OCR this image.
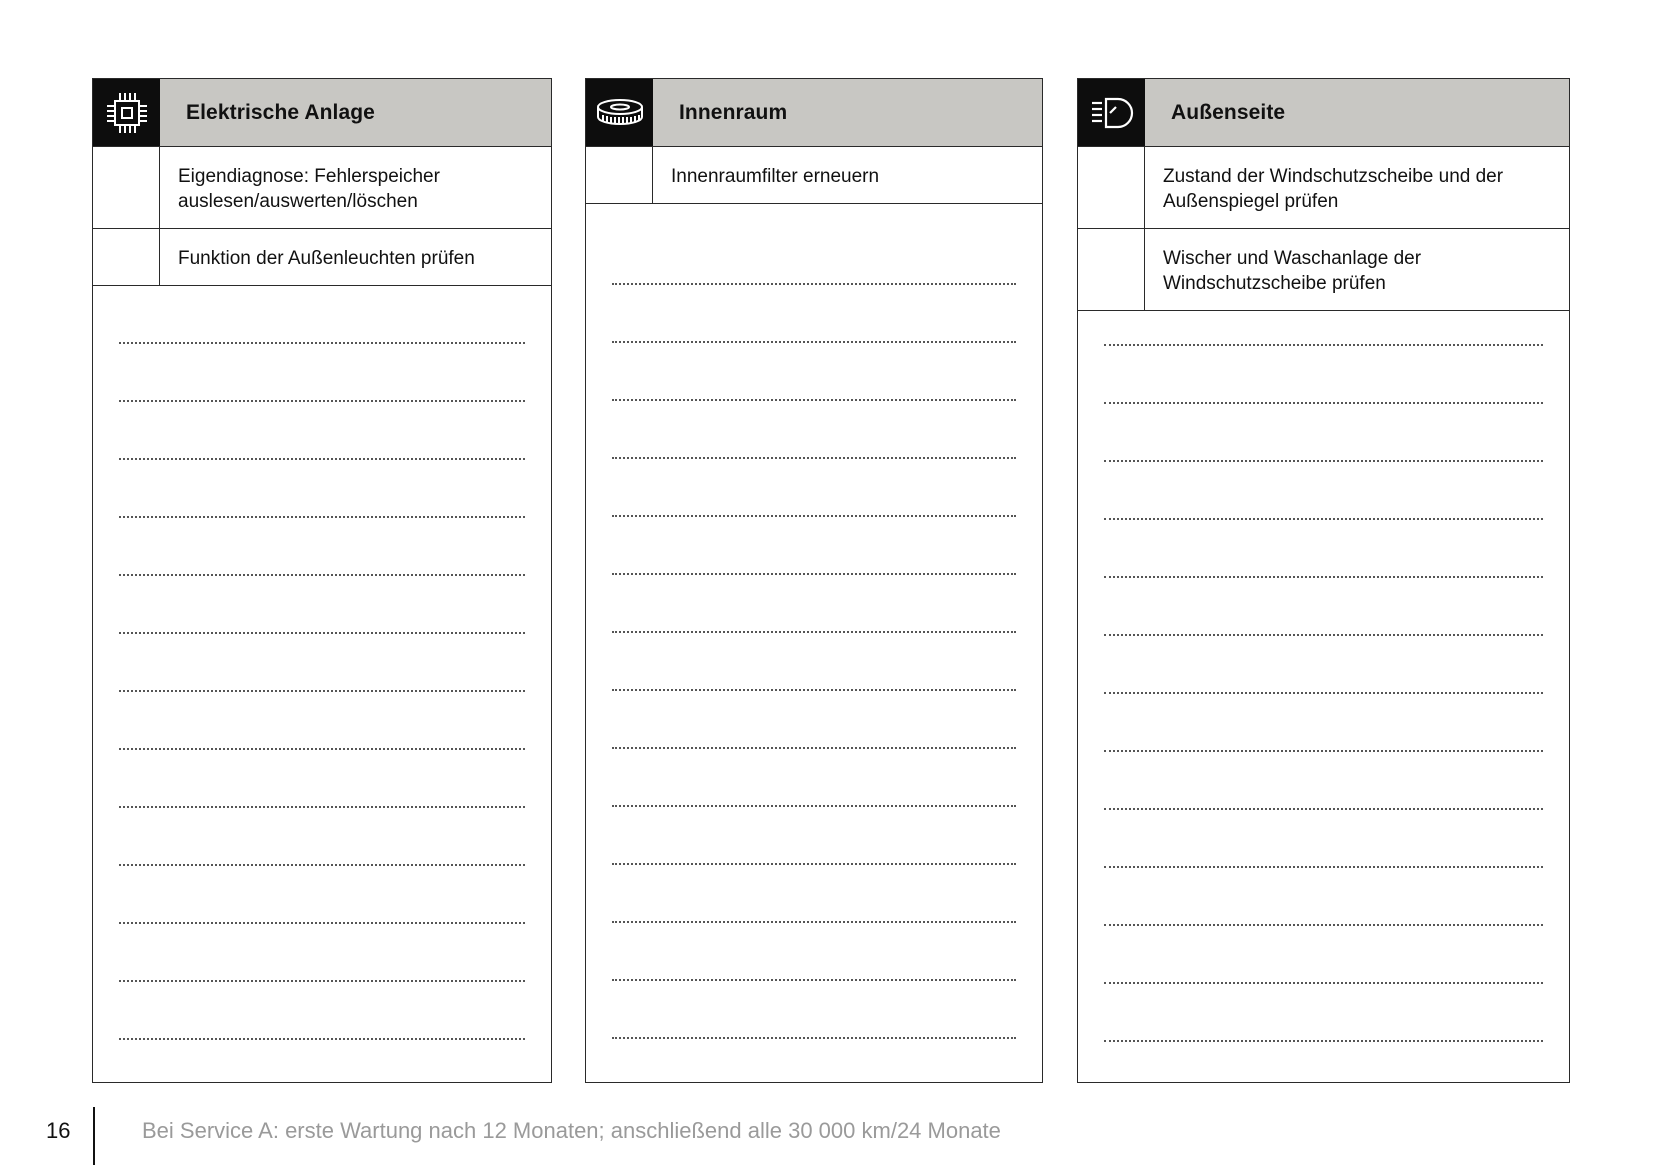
Elektrische Anlage
Eigendiagnose: Fehlerspeicher auslesen/auswerten/löschen
Funktion der Außenleuchten prüfen
Innenraum
Innenraumfilter erneuern
Außenseite
Zustand der Windschutzscheibe und der Außenspiegel prüfen
Wischer und Waschanlage der Windschutzscheibe prüfen
16	Bei Service A: erste Wartung nach 12 Monaten; anschließend alle 30 000 km/24 Monate
